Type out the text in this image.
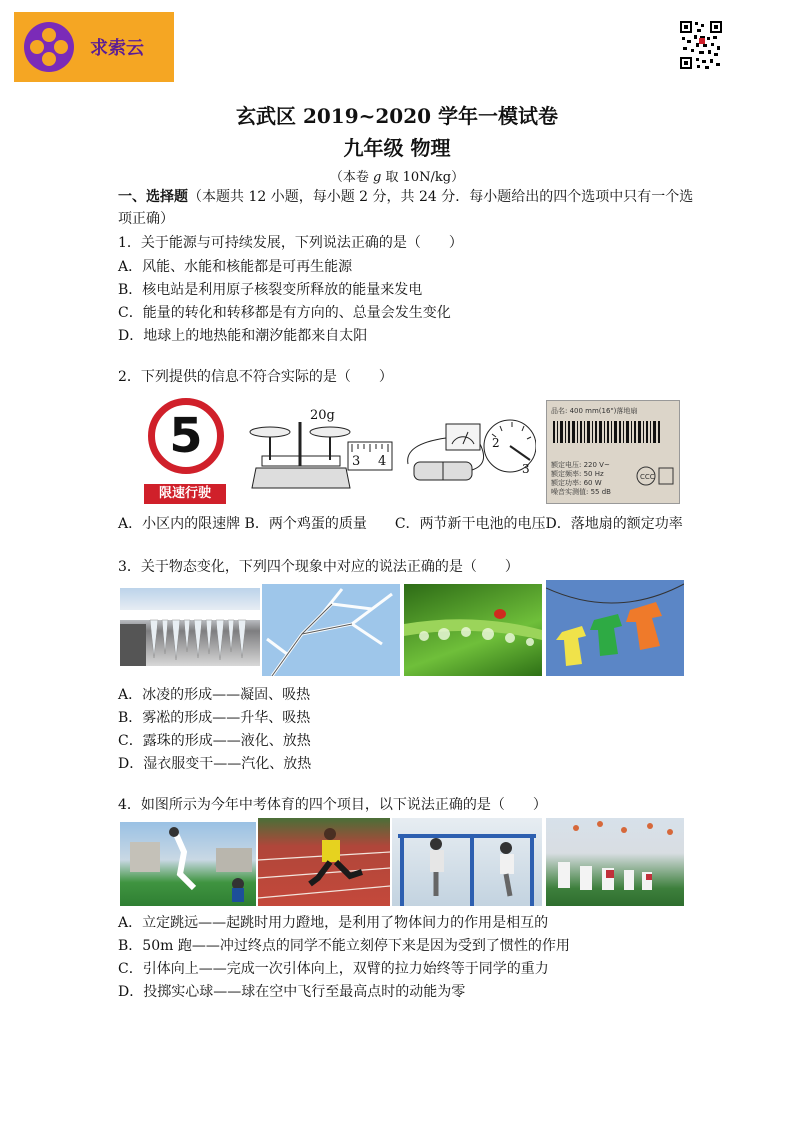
求索云
玄武区 2019~2020 学年一模试卷
九年级 物理
（本卷 g 取 10N/kg）
一、选择题（本题共 12 小题，每小题 2 分，共 24 分．每小题给出的四个选项中只有一个选
项正确）
1．关于能源与可持续发展，下列说法正确的是（　　）
A．风能、水能和核能都是可再生能源
B．核电站是利用原子核裂变所释放的能量来发电
C．能量的转化和转移都是有方向的、总量会发生变化
D．地球上的地热能和潮汐能都来自太阳
2．下列提供的信息不符合实际的是（　　）
5
限速行驶
20g
3 4
2
3
品名: 400 mm(16")落地扇
额定电压: 220 V~
额定频率: 50 Hz
额定功率: 60 W
噪音实测值: 55 dB
CCC
A．小区内的限速牌 B．两个鸡蛋的质量　　C．两节新干电池的电压D．落地扇的额定功率
3．关于物态变化，下列四个现象中对应的说法正确的是（　　）
A．冰凌的形成——凝固、吸热
B．雾凇的形成——升华、吸热
C．露珠的形成——液化、放热
D．湿衣服变干——汽化、放热
4．如图所示为今年中考体育的四个项目，以下说法正确的是（　　）
A．立定跳远——起跳时用力蹬地，是利用了物体间力的作用是相互的
B．50m 跑——冲过终点的同学不能立刻停下来是因为受到了惯性的作用
C．引体向上——完成一次引体向上，双臂的拉力始终等于同学的重力
D．投掷实心球——球在空中飞行至最高点时的动能为零
